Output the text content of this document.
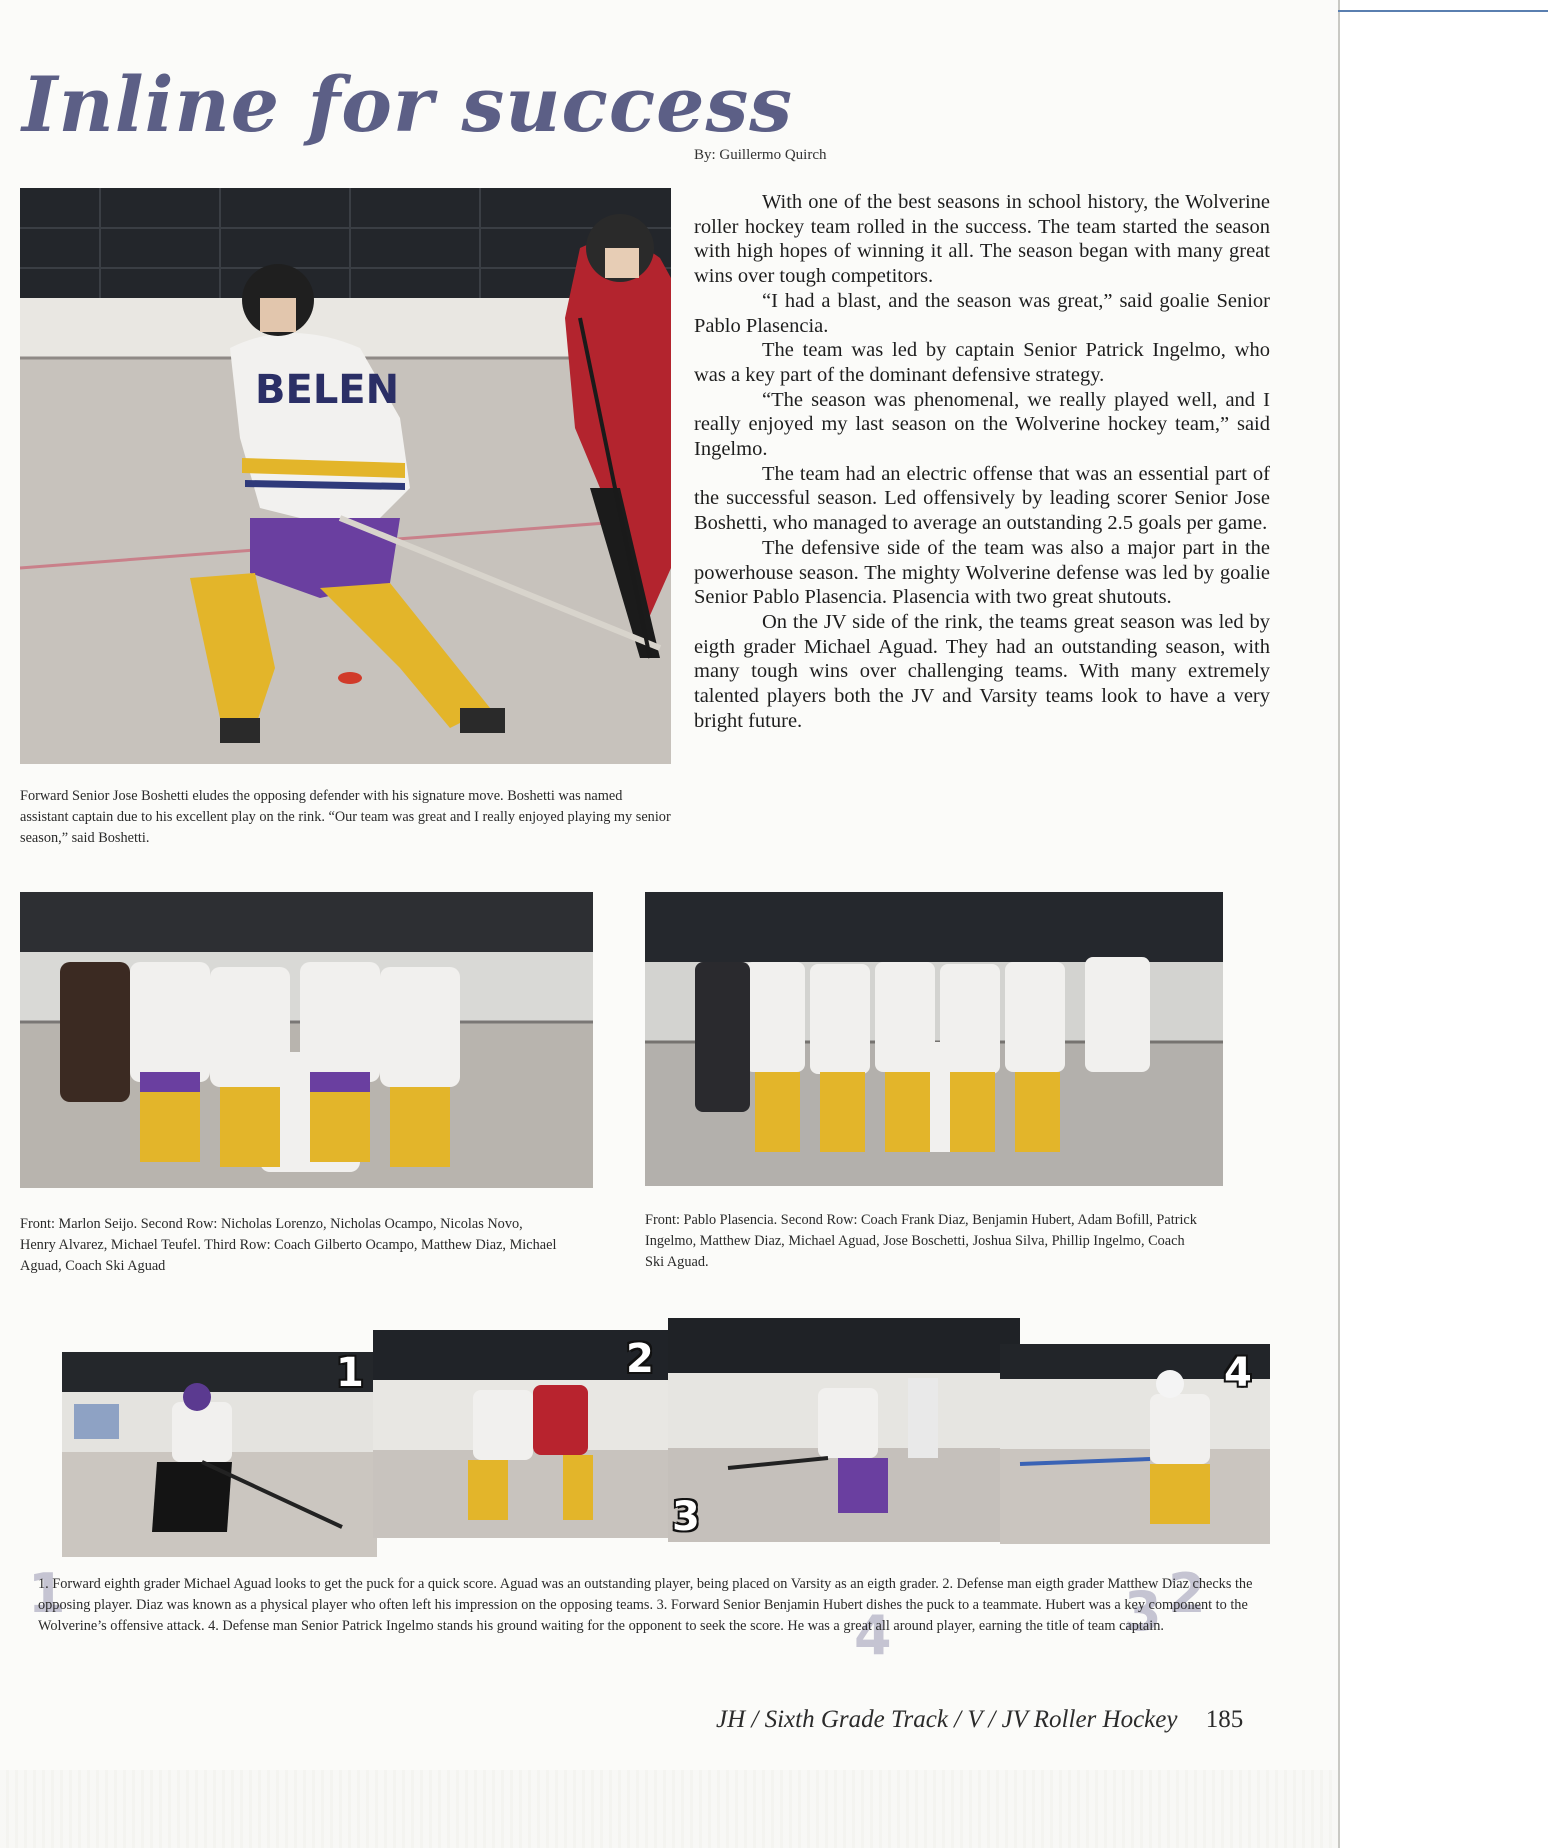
Inline for success
By: Guillermo Quirch
BELEN
Forward Senior Jose Boshetti eludes the opposing defender with his signature move. Boshetti was named assistant captain due to his excellent play on the rink. “Our team was great and I really enjoyed playing my senior season,” said Boshetti.

With one of the best seasons in school history, the Wolverine roller hockey team rolled in the success. The team started the season with high hopes of winning it all. The season began with many great wins over tough competitors.

“I had a blast, and the season was great,” said goalie Senior Pablo Plasencia.

The team was led by captain Senior Patrick Ingelmo, who was a key part of the dominant defensive strategy.

“The season was phenomenal, we really played well, and I really enjoyed my last season on the Wolverine hockey team,” said Ingelmo.

The team had an electric offense that was an essential part of the successful season. Led offensively by leading scorer Senior Jose Boshetti, who managed to average an outstanding 2.5 goals per game.

The defensive side of the team was also a major part in the powerhouse season. The mighty Wolverine defense was led by goalie Senior Pablo Plasencia. Plasencia with two great shutouts.

On the JV side of the rink, the teams great season was led by eigth grader Michael Aguad. They had an outstanding season, with many tough wins over challenging teams. With many extremely talented players both the JV and Varsity teams look to have a very bright future.

Front: Marlon Seijo. Second Row: Nicholas Lorenzo, Nicholas Ocampo, Nicolas Novo, Henry Alvarez, Michael Teufel. Third Row: Coach Gilberto Ocampo, Matthew Diaz, Michael Aguad, Coach Ski Aguad
Front: Pablo Plasencia. Second Row: Coach Frank Diaz, Benjamin Hubert, Adam Bofill, Patrick Ingelmo, Matthew Diaz, Michael Aguad, Jose Boschetti, Joshua Silva, Phillip Ingelmo, Coach Ski Aguad.
1	2
3
4
1	2
3
4
1. Forward eighth grader Michael Aguad looks to get the puck for a quick score. Aguad was an outstanding player, being placed on Varsity as an eigth grader. 2. Defense man eigth grader Matthew Diaz checks the opposing player. Diaz was known as a physical player who often left his impression on the opposing teams. 3. Forward Senior Benjamin Hubert dishes the puck to a teammate. Hubert was a key component to the Wolverine’s offensive attack. 4. Defense man Senior Patrick Ingelmo stands his ground waiting for the opponent to seek the score. He was a great all around player, earning the title of team captain.
JH / Sixth Grade Track / V / JV Roller Hockey 185
